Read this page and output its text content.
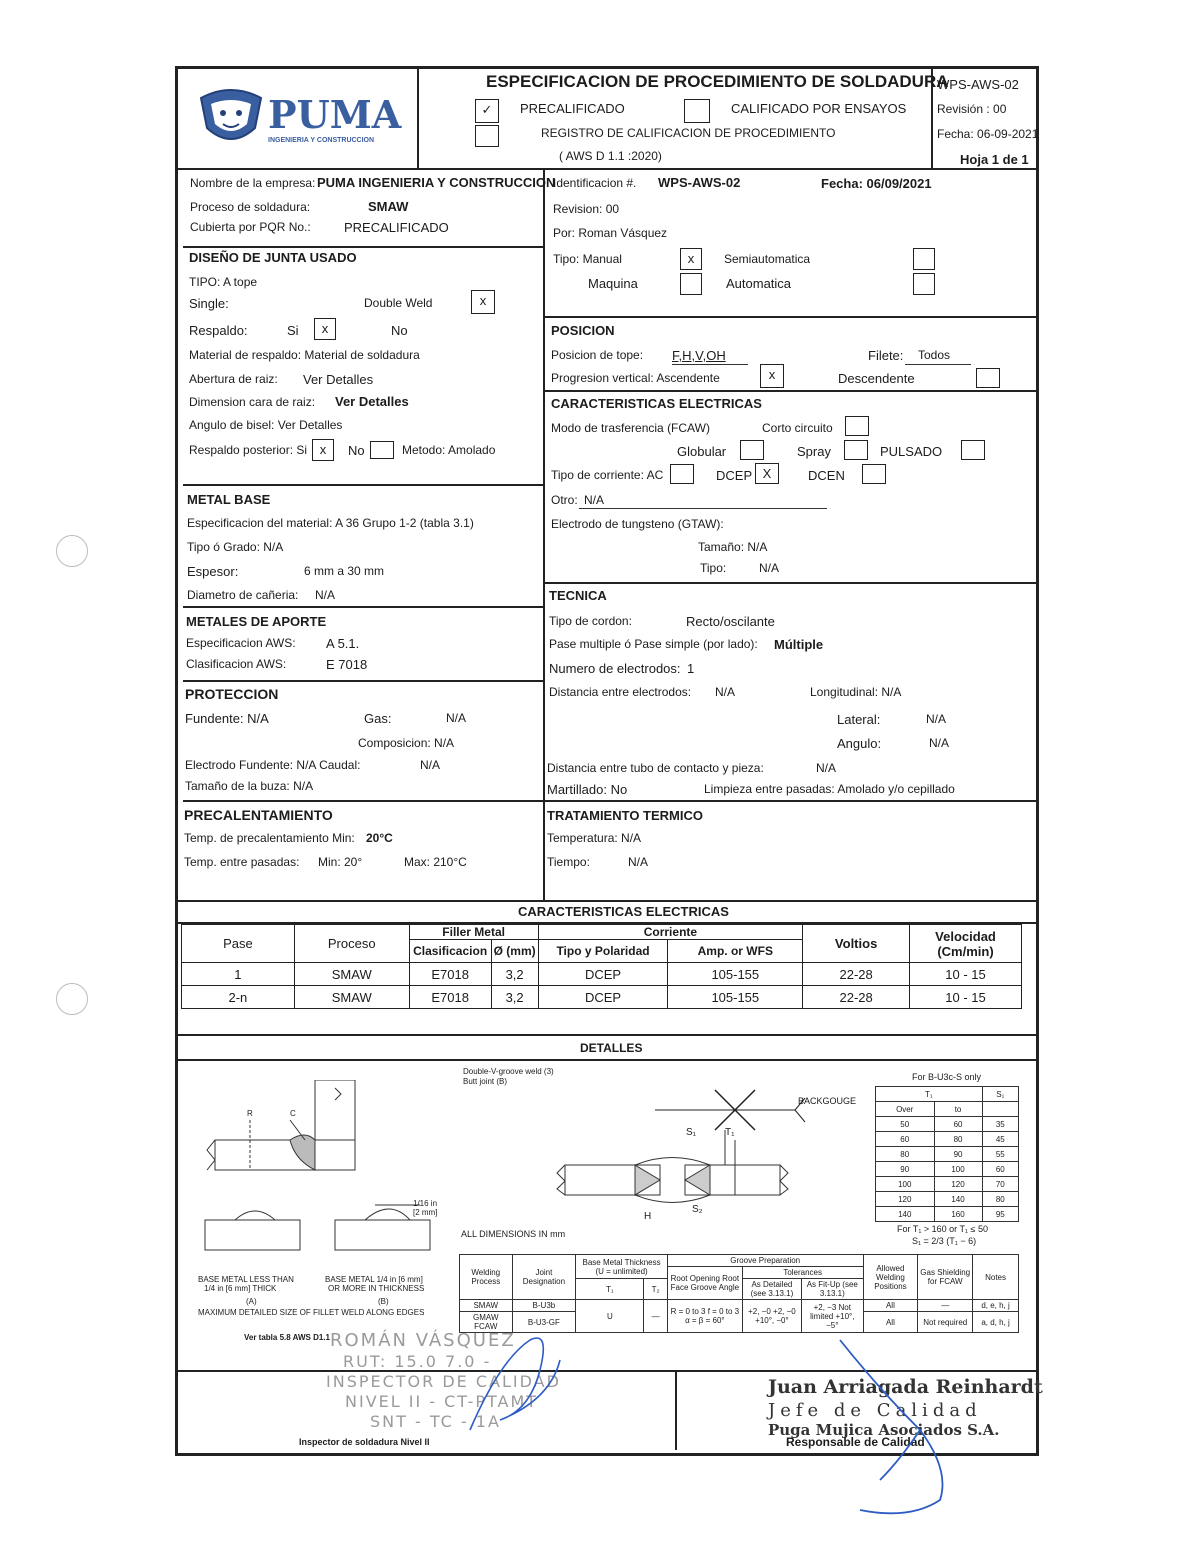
PUMA
INGENIERIA Y CONSTRUCCION
ESPECIFICACION DE PROCEDIMIENTO DE SOLDADURA
✓	PRECALIFICADO	CALIFICADO POR ENSAYOS
REGISTRO DE CALIFICACION DE PROCEDIMIENTO
( AWS D 1.1 :2020)
WPS-AWS-02
Revisión : 00
Fecha: 06-09-2021
Hoja 1 de 1
Nombre de la empresa: PUMA INGENIERIA Y CONSTRUCCION
Proceso de soldadura:	SMAW
Cubierta por PQR No.:	PRECALIFICADO
Identificacion #. WPS-AWS-02	Fecha: 06/09/2021
Revision: 00
Por: Roman Vásquez
Tipo: Manual	x	Semiautomatica
Maquina	Automatica
DISEÑO DE JUNTA USADO
TIPO: A tope
Single:	Double Weld	x
Respaldo:	Si	x	No
Material de respaldo: Material de soldadura
Abertura de raiz: Ver Detalles
Dimension cara de raiz: Ver Detalles
Angulo de bisel: Ver Detalles
Respaldo posterior: Si x	No	Metodo: Amolado
POSICION
Posicion de tope: F,H,V,OH	Filete: Todos
Progresion vertical: Ascendente	x	Descendente
CARACTERISTICAS ELECTRICAS
Modo de trasferencia (FCAW)	Corto circuito
Globular	Spray	PULSADO
Tipo de corriente: AC	DCEP X	DCEN
Otro: N/A
Electrodo de tungsteno (GTAW):
Tamaño: N/A
Tipo:	N/A
METAL BASE
Especificacion del material: A 36 Grupo 1-2 (tabla 3.1)
Tipo ó Grado: N/A
Espesor:	6 mm a 30 mm
Diametro de cañeria: N/A
METALES DE APORTE
Especificacion AWS: A 5.1.
Clasificacion AWS:	E 7018
TECNICA
Tipo de cordon:	Recto/oscilante
Pase multiple ó Pase simple (por lado): Múltiple
Numero de electrodos: 1
Distancia entre electrodos: N/A	Longitudinal: N/A
Lateral:	N/A
Angulo:	N/A
Distancia entre tubo de contacto y pieza:	N/A
Martillado: No	Limpieza entre pasadas: Amolado y/o cepillado
PROTECCION
Fundente: N/A	Gas:	N/A
Composicion: N/A
Electrodo Fundente: N/A Caudal:	N/A
Tamaño de la buza: N/A
PRECALENTAMIENTO
Temp. de precalentamiento Min: 20°C
Temp. entre pasadas: Min: 20°	Max: 210°C
TRATAMIENTO TERMICO
Temperatura: N/A
Tiempo:	N/A
CARACTERISTICAS ELECTRICAS
Pase	Proceso	Filler Metal		Corriente		Voltios	Velocidad (Cm/min)
		Clasificacion	Ø (mm)	Tipo y Polaridad	Amp. or WFS		
1	SMAW	E7018	3,2	DCEP	105-155	22-28	10 - 15
2-n	SMAW	E7018	3,2	DCEP	105-155	22-28	10 - 15
DETALLES
R	C
1/16 in
[2 mm]
BASE METAL LESS THAN
1/4 in [6 mm] THICK
(A)
BASE METAL 1/4 in [6 mm]
OR MORE IN THICKNESS
(B)
MAXIMUM DETAILED SIZE OF FILLET WELD ALONG EDGES
Ver tabla 5.8 AWS D1.1
Double-V-groove weld (3)
Butt joint (B)
BACKGOUGE
S₁	T₁
S₂
H
ALL DIMENSIONS IN mm
For B-U3c-S only
T₁		S₁
Over	to	
50	60	35
60	80	45
80	90	55
90	100	60
100	120	70
120	140	80
140	160	95
For T₁ > 160 or T₁ ≤ 50
S₁ = 2/3 (T₁ − 6)
Welding Process	Joint Designation	Base Metal Thickness (U = unlimited)		Groove Preparation			Allowed Welding Positions	Gas Shielding for FCAW	Notes
				Root Opening Root Face Groove Angle	Tolerances				
		T₁	T₂		As Detailed (see 3.13.1)	As Fit-Up (see 3.13.1)			
SMAW	B-U3b	U	—	R = 0 to 3 f = 0 to 3 α = β = 60°	+2, −0 +2, −0 +10°, −0°	+2, −3 Not limited +10°, −5°	All	—	d, e, h, j
GMAW FCAW	B-U3-GF						All	Not required	a, d, h, j
ROMÁN VÁSQUEZ
RUT: 15.0 7.0 -
INSPECTOR DE CALIDAD
NIVEL II - CT-PTAMT
SNT - TC - 1A
Inspector de soldadura Nivel II
Juan Arriagada Reinhardt
Jefe de Calidad
Puga Mujica Asociados S.A.
Responsable de Calidad
